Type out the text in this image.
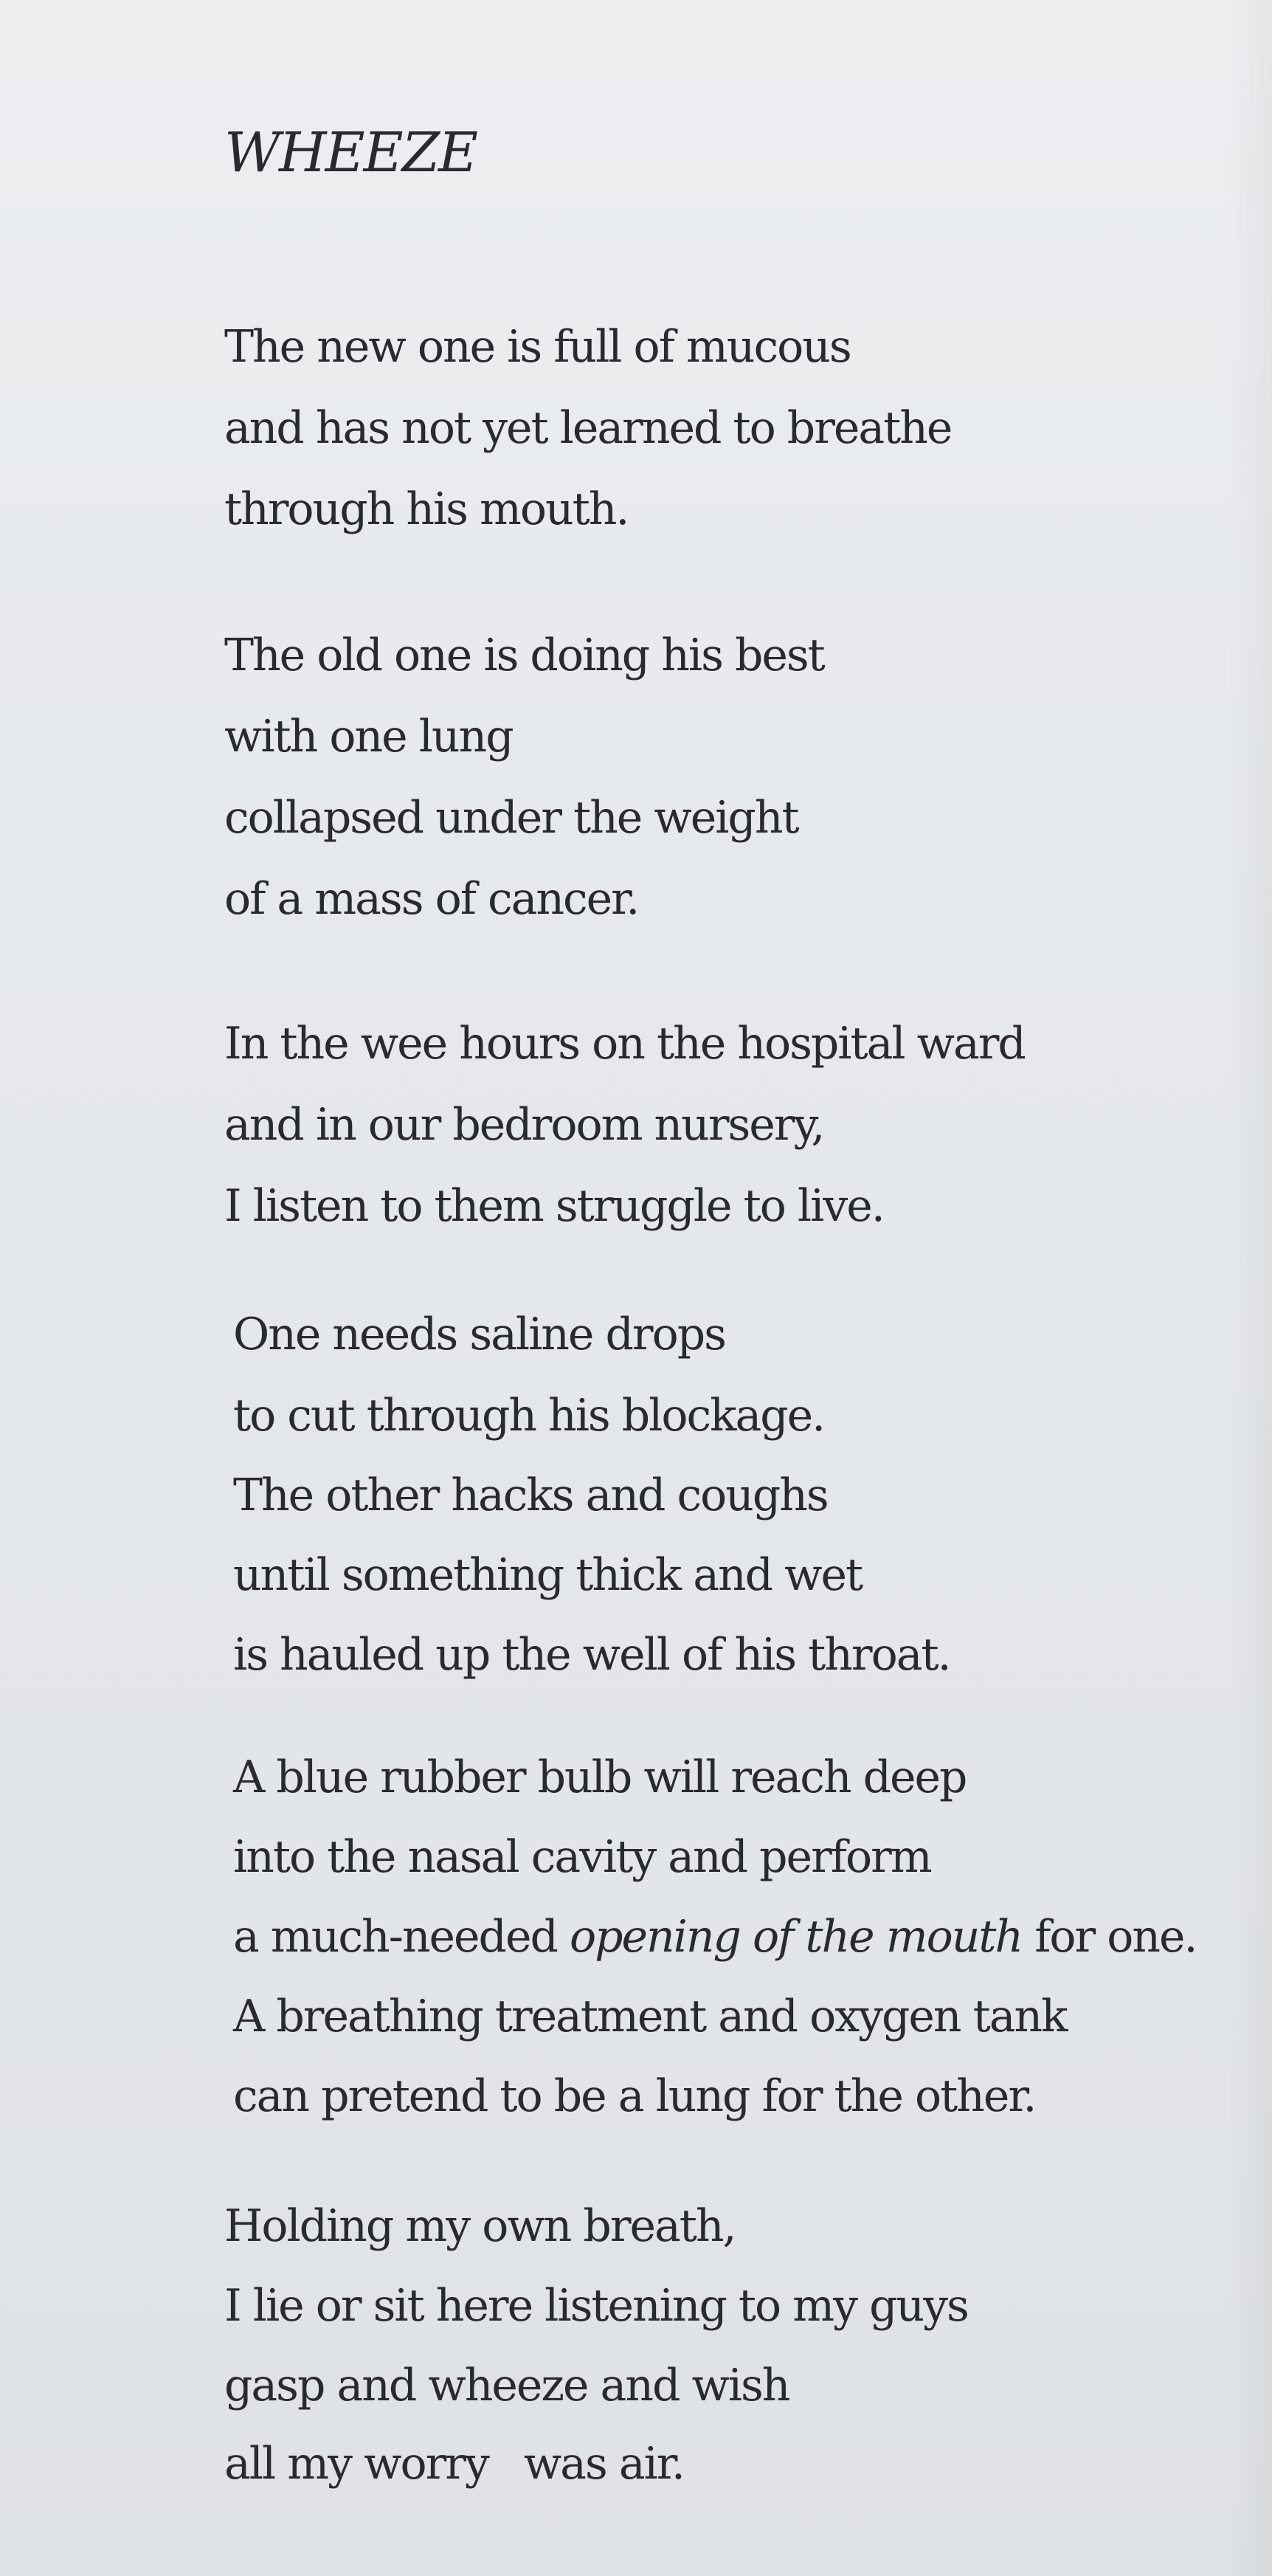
WHEEZE
The new one is full of mucous
and has not yet learned to breathe
through his mouth.
The old one is doing his best
with one lung
collapsed under the weight
of a mass of cancer.
In the wee hours on the hospital ward
and in our bedroom nursery,
I listen to them struggle to live.
One needs saline drops
to cut through his blockage.
The other hacks and coughs
until something thick and wet
is hauled up the well of his throat.
A blue rubber bulb will reach deep
into the nasal cavity and perform
a much-needed opening of the mouth for one.
A breathing treatment and oxygen tank
can pretend to be a lung for the other.
Holding my own breath,
I lie or sit here listening to my guys
gasp and wheeze and wish
all my worry was air.
